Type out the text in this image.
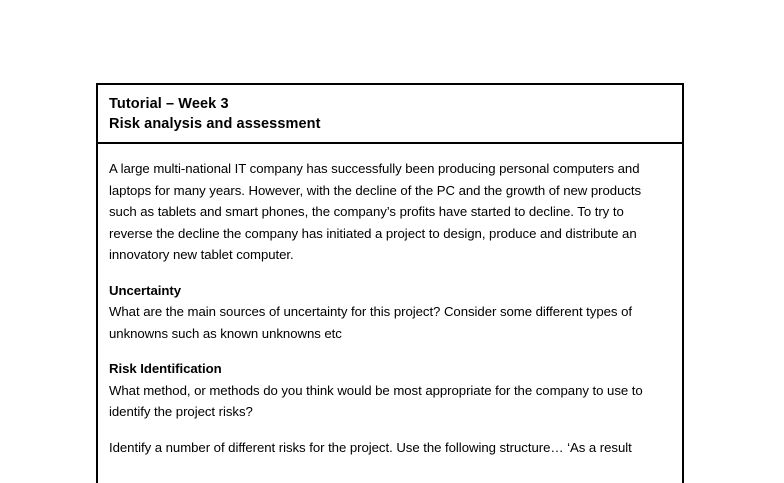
Tutorial – Week 3
Risk analysis and assessment

A large multi-national IT company has successfully been producing personal computers and laptops for many years. However, with the decline of the PC and the growth of new products such as tablets and smart phones, the company’s profits have started to decline. To try to reverse the decline the company has initiated a project to design, produce and distribute an innovatory new tablet computer.

Uncertainty

What are the main sources of uncertainty for this project? Consider some different types of unknowns such as known unknowns etc

Risk Identification

What method, or methods do you think would be most appropriate for the company to use to identify the project risks?

Identify a number of different risks for the project. Use the following structure… ‘As a result
